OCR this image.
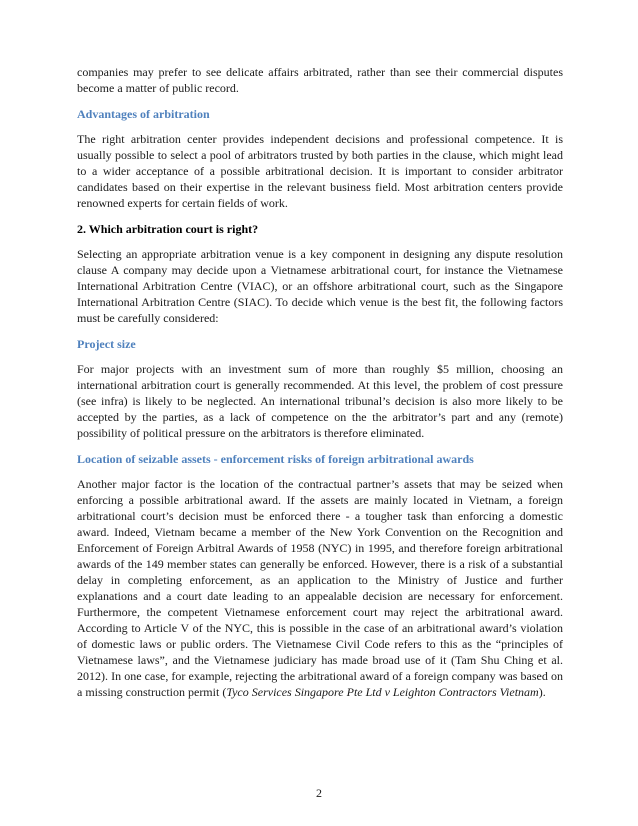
companies may prefer to see delicate affairs arbitrated, rather than see their commercial disputes become a matter of public record.

Advantages of arbitration

The right arbitration center provides independent decisions and professional competence. It is usually possible to select a pool of arbitrators trusted by both parties in the clause, which might lead to a wider acceptance of a possible arbitrational decision. It is important to consider arbitrator candidates based on their expertise in the relevant business field. Most arbitration centers provide renowned experts for certain fields of work.

2. Which arbitration court is right?

Selecting an appropriate arbitration venue is a key component in designing any dispute resolution clause A company may decide upon a Vietnamese arbitrational court, for instance the Vietnamese International Arbitration Centre (VIAC), or an offshore arbitrational court, such as the Singapore International Arbitration Centre (SIAC). To decide which venue is the best fit, the following factors must be carefully considered:

Project size

For major projects with an investment sum of more than roughly $5 million, choosing an international arbitration court is generally recommended. At this level, the problem of cost pressure (see infra) is likely to be neglected. An international tribunal’s decision is also more likely to be accepted by the parties, as a lack of competence on the the arbitrator’s part and any (remote) possibility of political pressure on the arbitrators is therefore eliminated.

Location of seizable assets - enforcement risks of foreign arbitrational awards

Another major factor is the location of the contractual partner’s assets that may be seized when enforcing a possible arbitrational award. If the assets are mainly located in Vietnam, a foreign arbitrational court’s decision must be enforced there - a tougher task than enforcing a domestic award. Indeed, Vietnam became a member of the New York Convention on the Recognition and Enforcement of Foreign Arbitral Awards of 1958 (NYC) in 1995, and therefore foreign arbitrational awards of the 149 member states can generally be enforced. However, there is a risk of a substantial delay in completing enforcement, as an application to the Ministry of Justice and further explanations and a court date leading to an appealable decision are necessary for enforcement. Furthermore, the competent Vietnamese enforcement court may reject the arbitrational award. According to Article V of the NYC, this is possible in the case of an arbitrational award’s violation of domestic laws or public orders. The Vietnamese Civil Code refers to this as the “principles of Vietnamese laws”, and the Vietnamese judiciary has made broad use of it (Tam Shu Ching et al. 2012). In one case, for example, rejecting the arbitrational award of a foreign company was based on a missing construction permit (Tyco Services Singapore Pte Ltd v Leighton Contractors Vietnam).

2
